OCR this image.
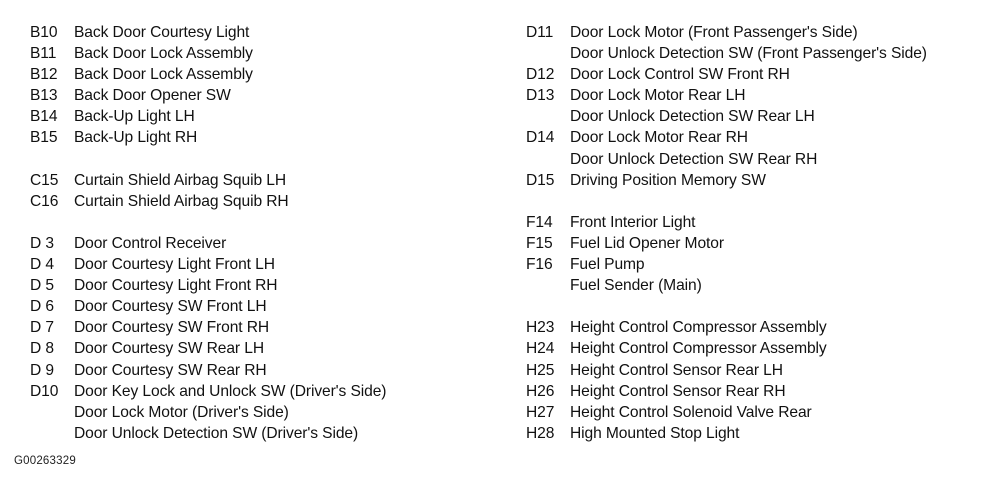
B10	Back Door Courtesy Light
B11	Back Door Lock Assembly
B12	Back Door Lock Assembly
B13	Back Door Opener SW
B14	Back-Up Light LH
B15	Back-Up Light RH
C15	Curtain Shield Airbag Squib LH
C16	Curtain Shield Airbag Squib RH
D 3	Door Control Receiver
D 4	Door Courtesy Light Front LH
D 5	Door Courtesy Light Front RH
D 6	Door Courtesy SW Front LH
D 7	Door Courtesy SW Front RH
D 8	Door Courtesy SW Rear LH
D 9	Door Courtesy SW Rear RH
D10	Door Key Lock and Unlock SW (Driver's Side)
Door Lock Motor (Driver's Side)
Door Unlock Detection SW (Driver's Side)
D11	Door Lock Motor (Front Passenger's Side)
Door Unlock Detection SW (Front Passenger's Side)
D12	Door Lock Control SW Front RH
D13	Door Lock Motor Rear LH
Door Unlock Detection SW Rear LH
D14	Door Lock Motor Rear RH
Door Unlock Detection SW Rear RH
D15	Driving Position Memory SW
F14	Front Interior Light
F15	Fuel Lid Opener Motor
F16	Fuel Pump
Fuel Sender (Main)
H23	Height Control Compressor Assembly
H24	Height Control Compressor Assembly
H25	Height Control Sensor Rear LH
H26	Height Control Sensor Rear RH
H27	Height Control Solenoid Valve Rear
H28	High Mounted Stop Light
G00263329
